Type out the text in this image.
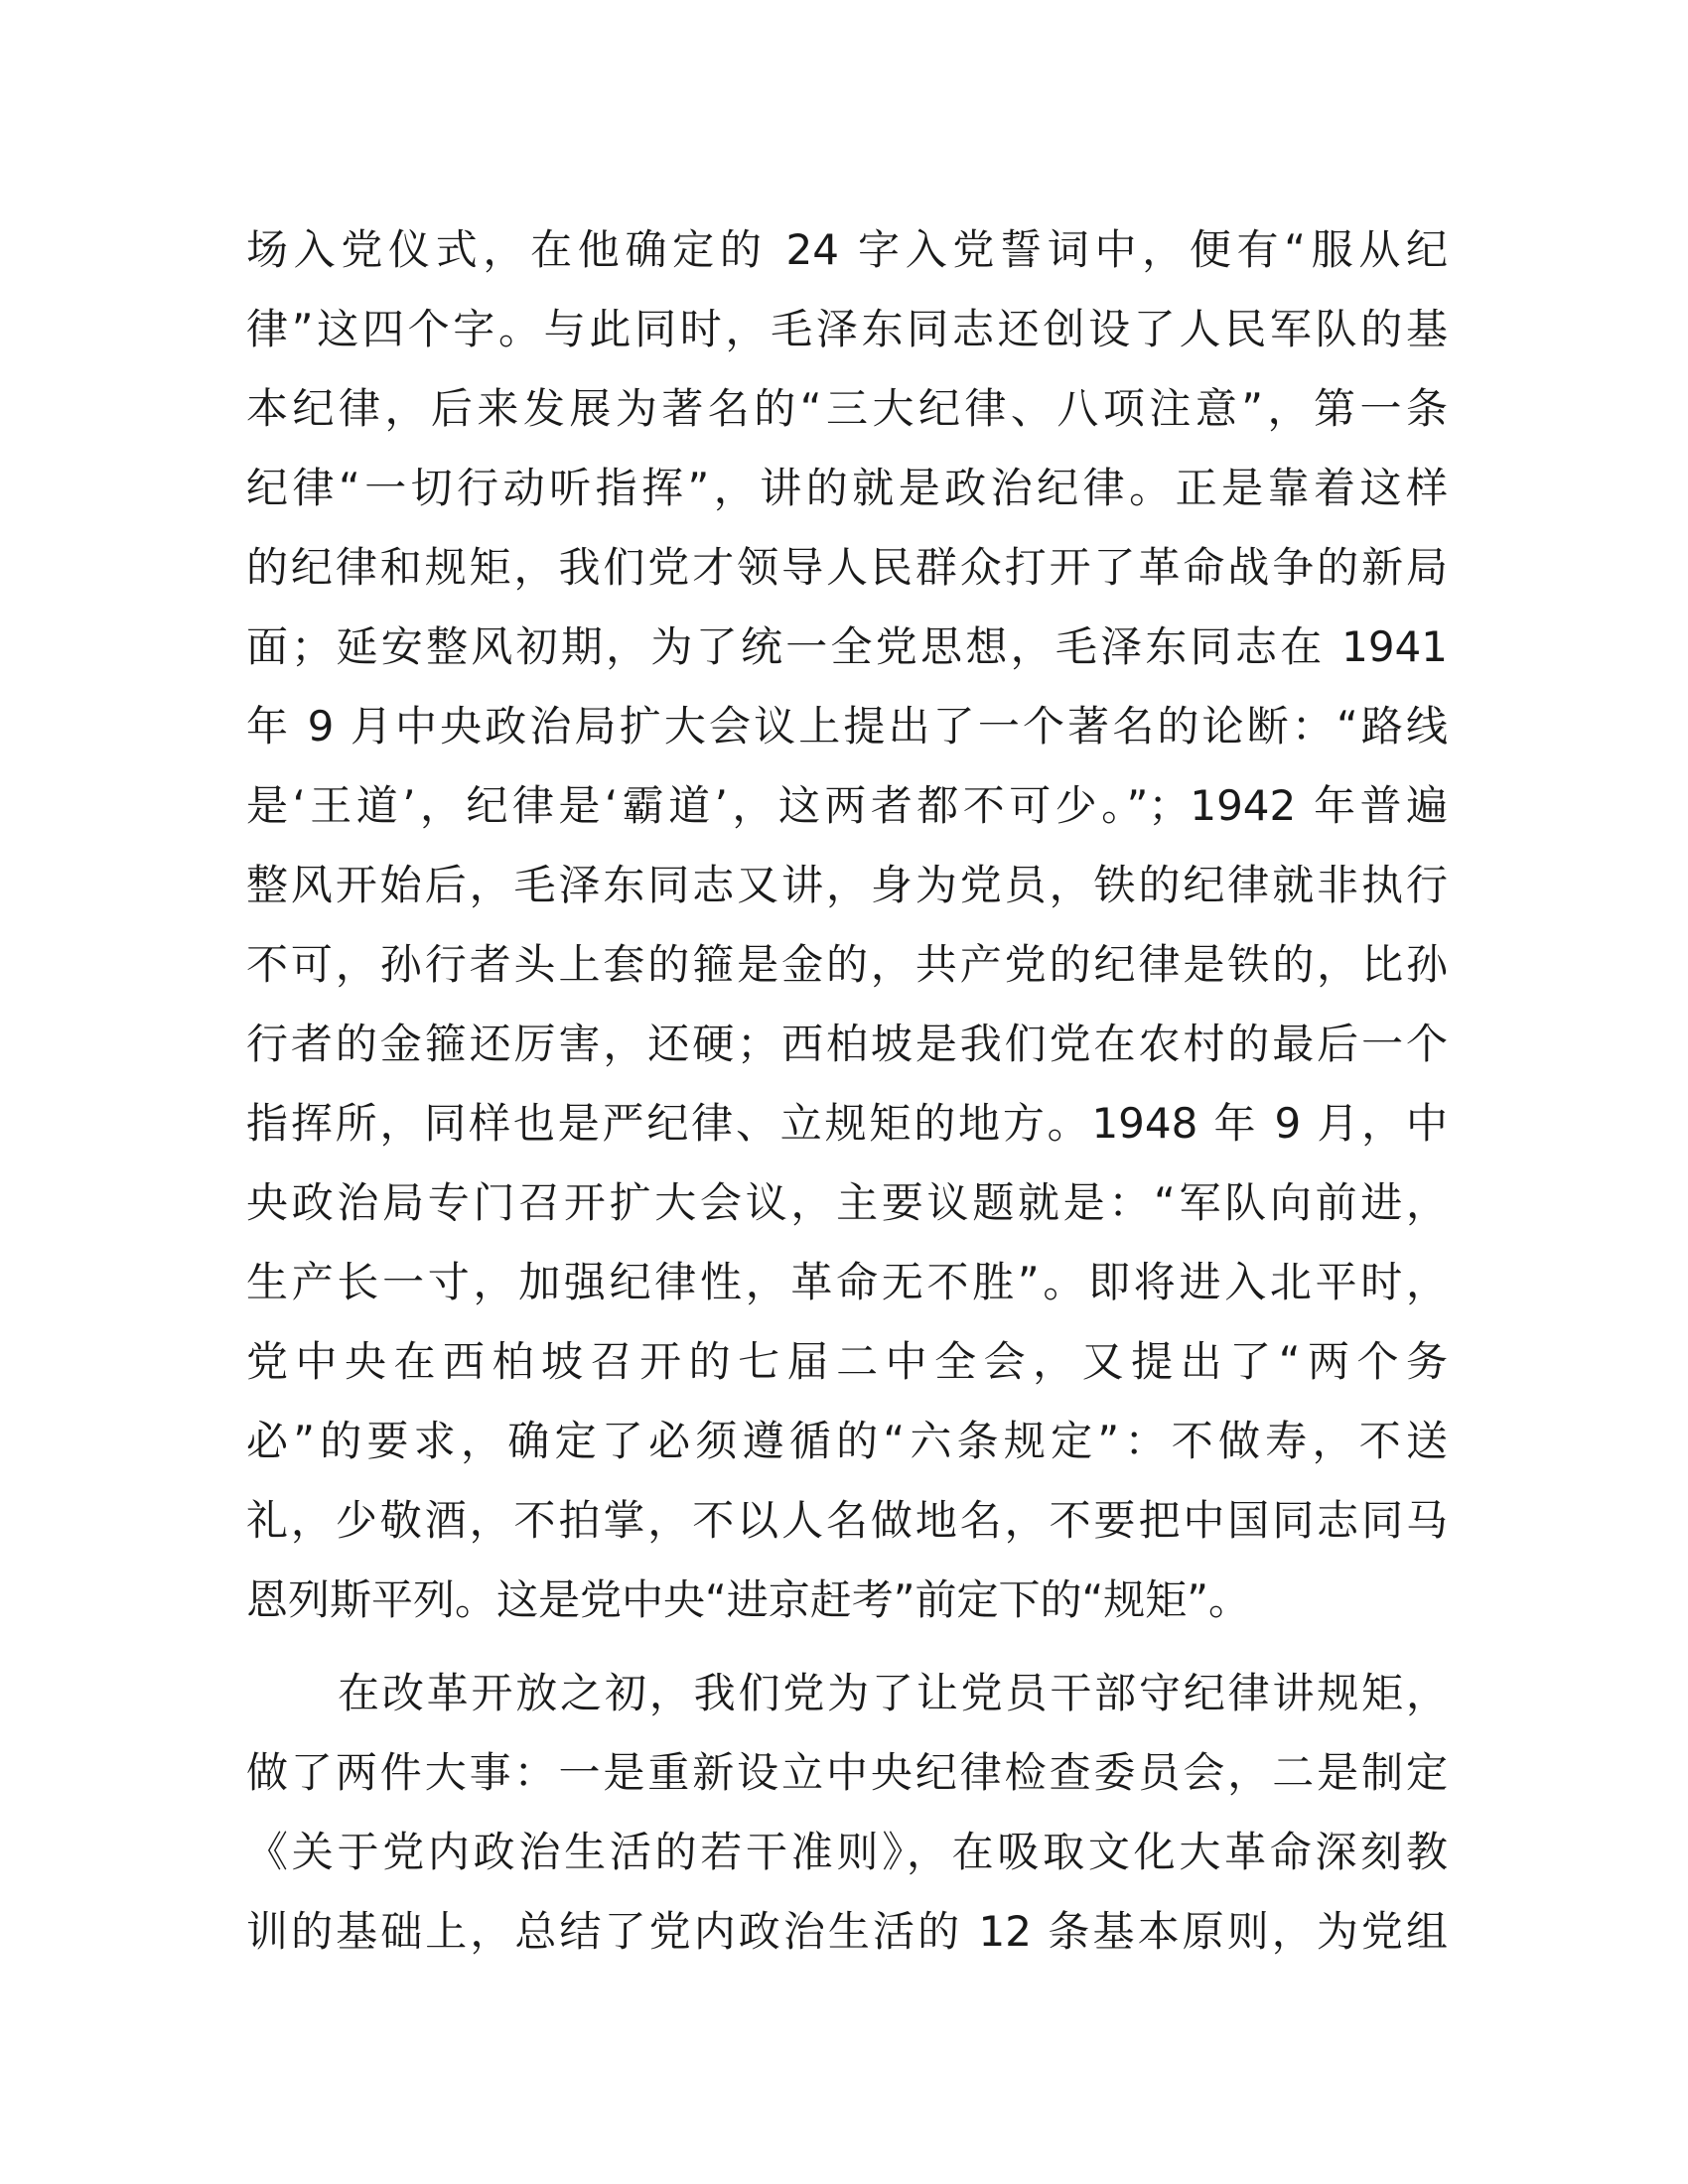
场入党仪式，在他确定的 24 字入党誓词中，便有“服从纪
律”这四个字。与此同时，毛泽东同志还创设了人民军队的基
本纪律，后来发展为著名的“三大纪律、八项注意”，第一条
纪律“一切行动听指挥”，讲的就是政治纪律。正是靠着这样
的纪律和规矩，我们党才领导人民群众打开了革命战争的新局
面；延安整风初期，为了统一全党思想，毛泽东同志在 1941
年 9 月中央政治局扩大会议上提出了一个著名的论断：“路线
是‘王道’，纪律是‘霸道’，这两者都不可少。”；1942 年普遍
整风开始后，毛泽东同志又讲，身为党员，铁的纪律就非执行
不可，孙行者头上套的箍是金的，共产党的纪律是铁的，比孙
行者的金箍还厉害，还硬；西柏坡是我们党在农村的最后一个
指挥所，同样也是严纪律、立规矩的地方。1948 年 9 月，中
央政治局专门召开扩大会议，主要议题就是：“军队向前进，
生产长一寸，加强纪律性，革命无不胜”。即将进入北平时，
党中央在西柏坡召开的七届二中全会，又提出了“两个务
必”的要求，确定了必须遵循的“六条规定”：不做寿，不送
礼，少敬酒，不拍掌，不以人名做地名，不要把中国同志同马
恩列斯平列。这是党中央“进京赶考”前定下的“规矩”。
在改革开放之初，我们党为了让党员干部守纪律讲规矩，
做了两件大事：一是重新设立中央纪律检查委员会，二是制定
《关于党内政治生活的若干准则》，在吸取文化大革命深刻教
训的基础上，总结了党内政治生活的 12 条基本原则，为党组
